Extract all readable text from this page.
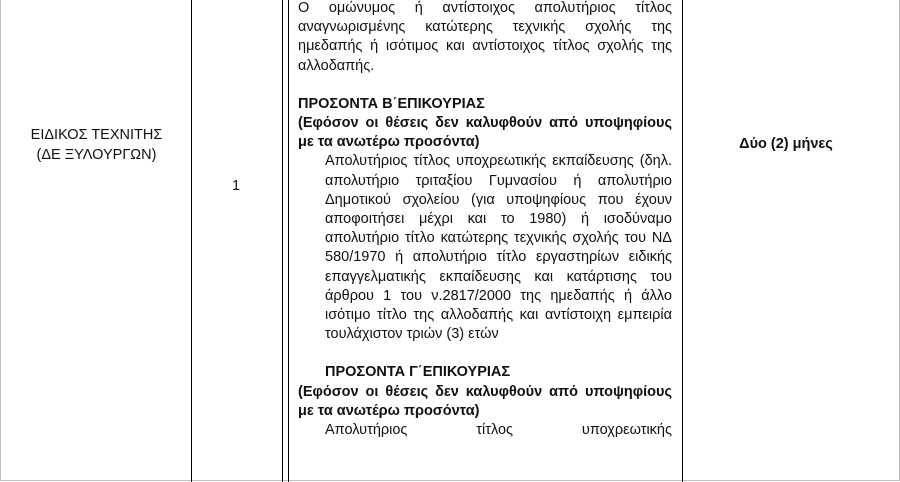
ΕΙΔΙΚΟΣ ΤΕΧΝΙΤΗΣ
(ΔΕ ΞΥΛΟΥΡΓΩΝ)
1

Ο ομώνυμος ή αντίστοιχος απολυτήριος τίτλος αναγνωρισμένης κατώτερης τεχνικής σχολής της ημεδαπής ή ισότιμος και αντίστοιχος τίτλος σχολής της αλλοδαπής.

ΠΡΟΣΟΝΤΑ Β΄ΕΠΙΚΟΥΡΙΑΣ

(Εφόσον οι θέσεις δεν καλυφθούν από υποψηφίους με τα ανωτέρω προσόντα)

Απολυτήριος τίτλος υποχρεωτικής εκπαίδευσης (δηλ. απολυτήριο τριταξίου Γυμνασίου ή απολυτήριο Δημοτικού σχολείου (για υποψηφίους που έχουν αποφοιτήσει μέχρι και το 1980) ή ισοδύναμο απολυτήριο τίτλο κατώτερης τεχνικής σχολής του ΝΔ 580/1970 ή απολυτήριο τίτλο εργαστηρίων ειδικής επαγγελματικής εκπαίδευσης και κατάρτισης του άρθρου 1 του ν.2817/2000 της ημεδαπής ή άλλο ισότιμο τίτλο της αλλοδαπής και αντίστοιχη εμπειρία τουλάχιστον τριών (3) ετών

ΠΡΟΣΟΝΤΑ Γ΄ΕΠΙΚΟΥΡΙΑΣ

(Εφόσον οι θέσεις δεν καλυφθούν από υποψηφίους με τα ανωτέρω προσόντα)

Απολυτήριος τίτλος υποχρεωτικής

Δύο (2) μήνες
